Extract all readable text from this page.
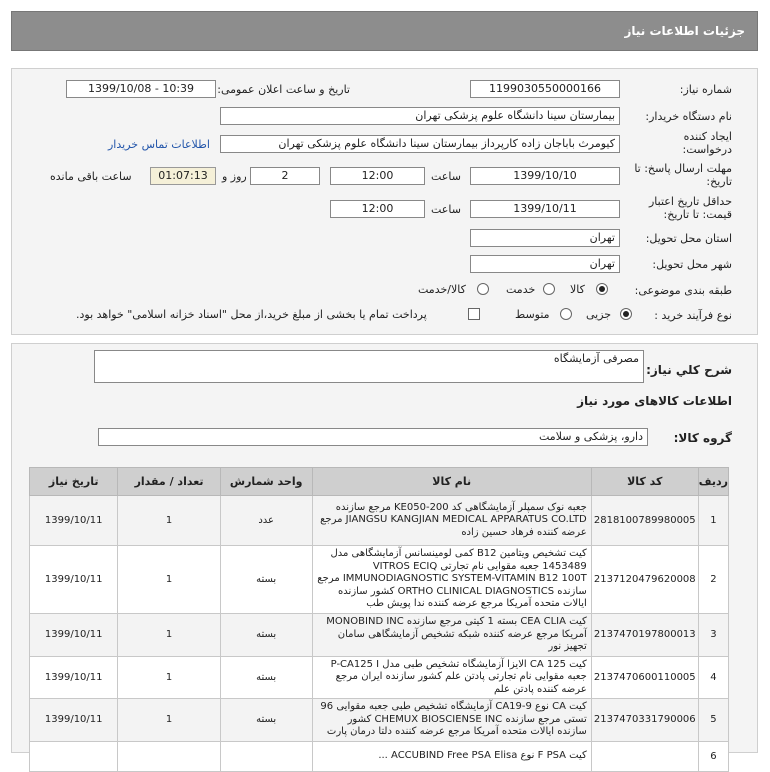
جزئیات اطلاعات نیاز
شماره نیاز:
1199030550000166
تاریخ و ساعت اعلان عمومی:
1399/10/08 - 10:39
نام دستگاه خریدار:
بیمارستان سینا دانشگاه علوم پزشکی تهران
ایجاد کننده درخواست:
کیومرث باباجان زاده کارپرداز بیمارستان سینا دانشگاه علوم پزشکی تهران
اطلاعات تماس خریدار
مهلت ارسال پاسخ: تا تاریخ:
1399/10/10
ساعت
12:00
2
روز و
01:07:13
ساعت باقی مانده
حداقل تاریخ اعتبار قیمت: تا تاریخ:
1399/10/11
ساعت
12:00
استان محل تحویل:
تهران
شهر محل تحویل:
تهران
طبقه بندی موضوعی:
کالا
خدمت
کالا/خدمت
نوع فرآیند خرید :
جزیی
متوسط
پرداخت تمام یا بخشی از مبلغ خرید،از محل "اسناد خزانه اسلامی" خواهد بود.
شرح کلي نياز:
مصرفی آزمایشگاه
اطلاعات کالاهای مورد نیاز
گروه کالا:
دارو، پزشکی و سلامت
تاریخ نیاز	تعداد / مقدار	واحد شمارش	نام کالا	کد کالا	ردیف
1399/10/11	1	عدد	جعبه نوک سمپلر آزمایشگاهی کد KE050-200 مرجع سازنده JIANGSU KANGJIAN MEDICAL APPARATUS CO.LTD مرجع عرضه کننده فرهاد حسین زاده	2818100789980005	1
1399/10/11	1	بسته	کیت تشخیص ویتامین B12 کمی لومینسانس آزمایشگاهی مدل 1453489 جعبه مقوایی نام تجارتی VITROS ECIQ IMMUNODIAGNOSTIC SYSTEM-VITAMIN B12 100T مرجع سازنده ORTHO CLINICAL DIAGNOSTICS کشور سازنده ایالات متحده آمریکا مرجع عرضه کننده ندا پویش طب	2137120479620008	2
1399/10/11	1	بسته	کیت CEA CLIA بسته 1 کیتی مرجع سازنده MONOBIND INC آمریکا مرجع عرضه کننده شبکه تشخیص آزمایشگاهی سامان تجهیز نور	2137470197800013	3
1399/10/11	1	بسته	کیت CA 125 الایزا آزمایشگاه تشخیص طبی مدل P-CA125 I جعبه مقوایی نام تجارتی پادتن علم کشور سازنده ایران مرجع عرضه کننده پادتن علم	2137470600110005	4
1399/10/11	1	بسته	کیت CA نوع CA19-9 آزمایشگاه تشخیص طبی جعبه مقوایی 96 تستی مرجع سازنده CHEMUX BIOSCIENSE INC کشور سازنده ایالات متحده آمریکا مرجع عرضه کننده دلتا درمان پارت	2137470331790006	5
			کیت F PSA نوع ACCUBIND Free PSA Elisa ...		6
